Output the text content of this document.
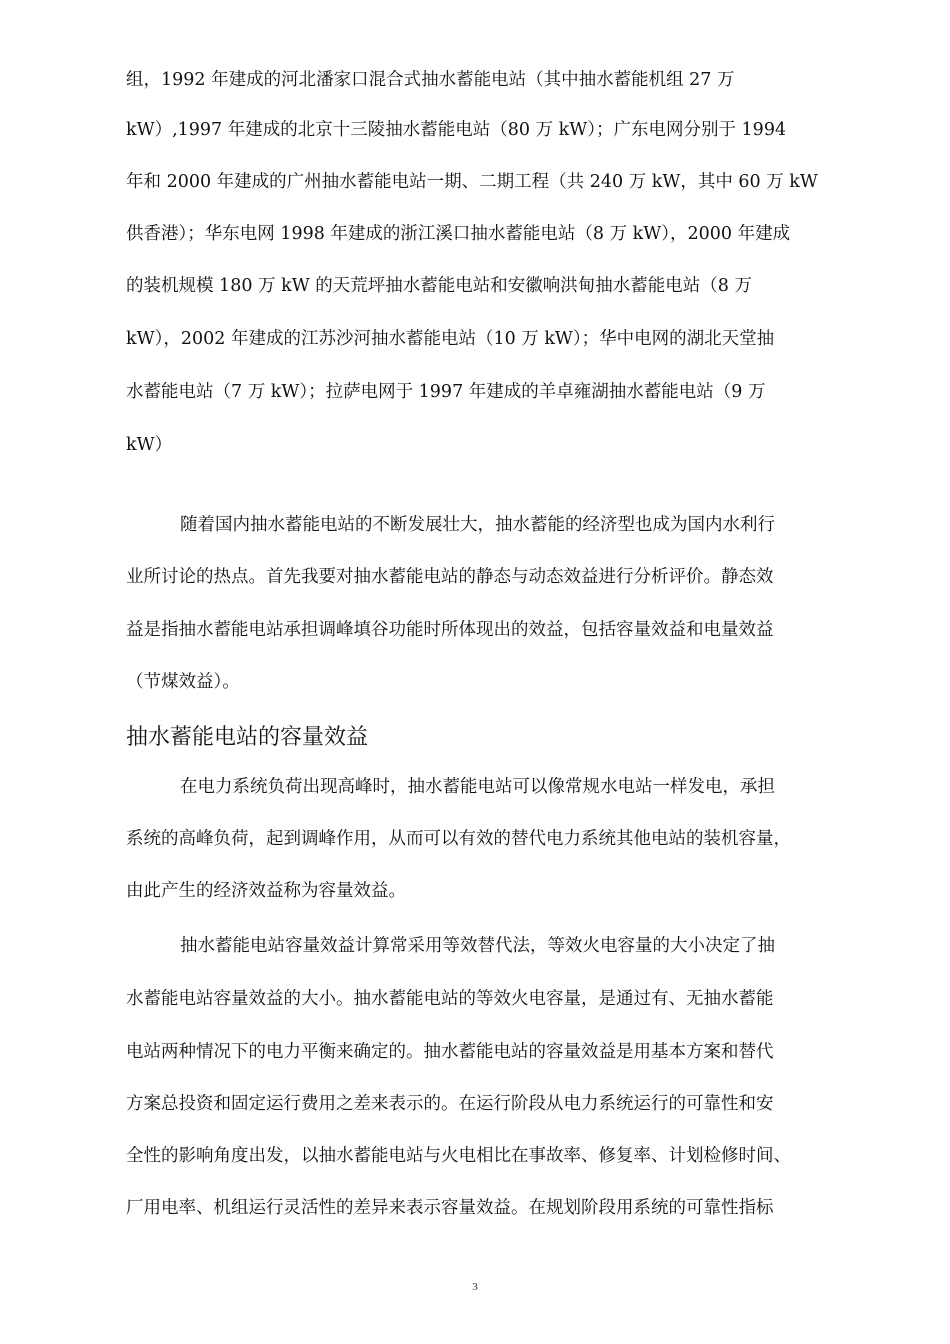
组，1992 年建成的河北潘家口混合式抽水蓄能电站（其中抽水蓄能机组 27 万
kW）,1997 年建成的北京十三陵抽水蓄能电站（80 万 kW）；广东电网分别于 1994
年和 2000 年建成的广州抽水蓄能电站一期、二期工程（共 240 万 kW，其中 60 万 kW
供香港）；华东电网 1998 年建成的浙江溪口抽水蓄能电站（8 万 kW），2000 年建成
的装机规模 180 万 kW 的天荒坪抽水蓄能电站和安徽响洪甸抽水蓄能电站（8 万
kW），2002 年建成的江苏沙河抽水蓄能电站（10 万 kW）；华中电网的湖北天堂抽
水蓄能电站（7 万 kW）；拉萨电网于 1997 年建成的羊卓雍湖抽水蓄能电站（9 万
kW）
随着国内抽水蓄能电站的不断发展壮大，抽水蓄能的经济型也成为国内水利行
业所讨论的热点。首先我要对抽水蓄能电站的静态与动态效益进行分析评价。静态效
益是指抽水蓄能电站承担调峰填谷功能时所体现出的效益，包括容量效益和电量效益
（节煤效益）。
抽水蓄能电站的容量效益
在电力系统负荷出现高峰时，抽水蓄能电站可以像常规水电站一样发电，承担
系统的高峰负荷，起到调峰作用，从而可以有效的替代电力系统其他电站的装机容量，
由此产生的经济效益称为容量效益。
抽水蓄能电站容量效益计算常采用等效替代法，等效火电容量的大小决定了抽
水蓄能电站容量效益的大小。抽水蓄能电站的等效火电容量，是通过有、无抽水蓄能
电站两种情况下的电力平衡来确定的。抽水蓄能电站的容量效益是用基本方案和替代
方案总投资和固定运行费用之差来表示的。在运行阶段从电力系统运行的可靠性和安
全性的影响角度出发，以抽水蓄能电站与火电相比在事故率、修复率、计划检修时间、
厂用电率、机组运行灵活性的差异来表示容量效益。在规划阶段用系统的可靠性指标
3
